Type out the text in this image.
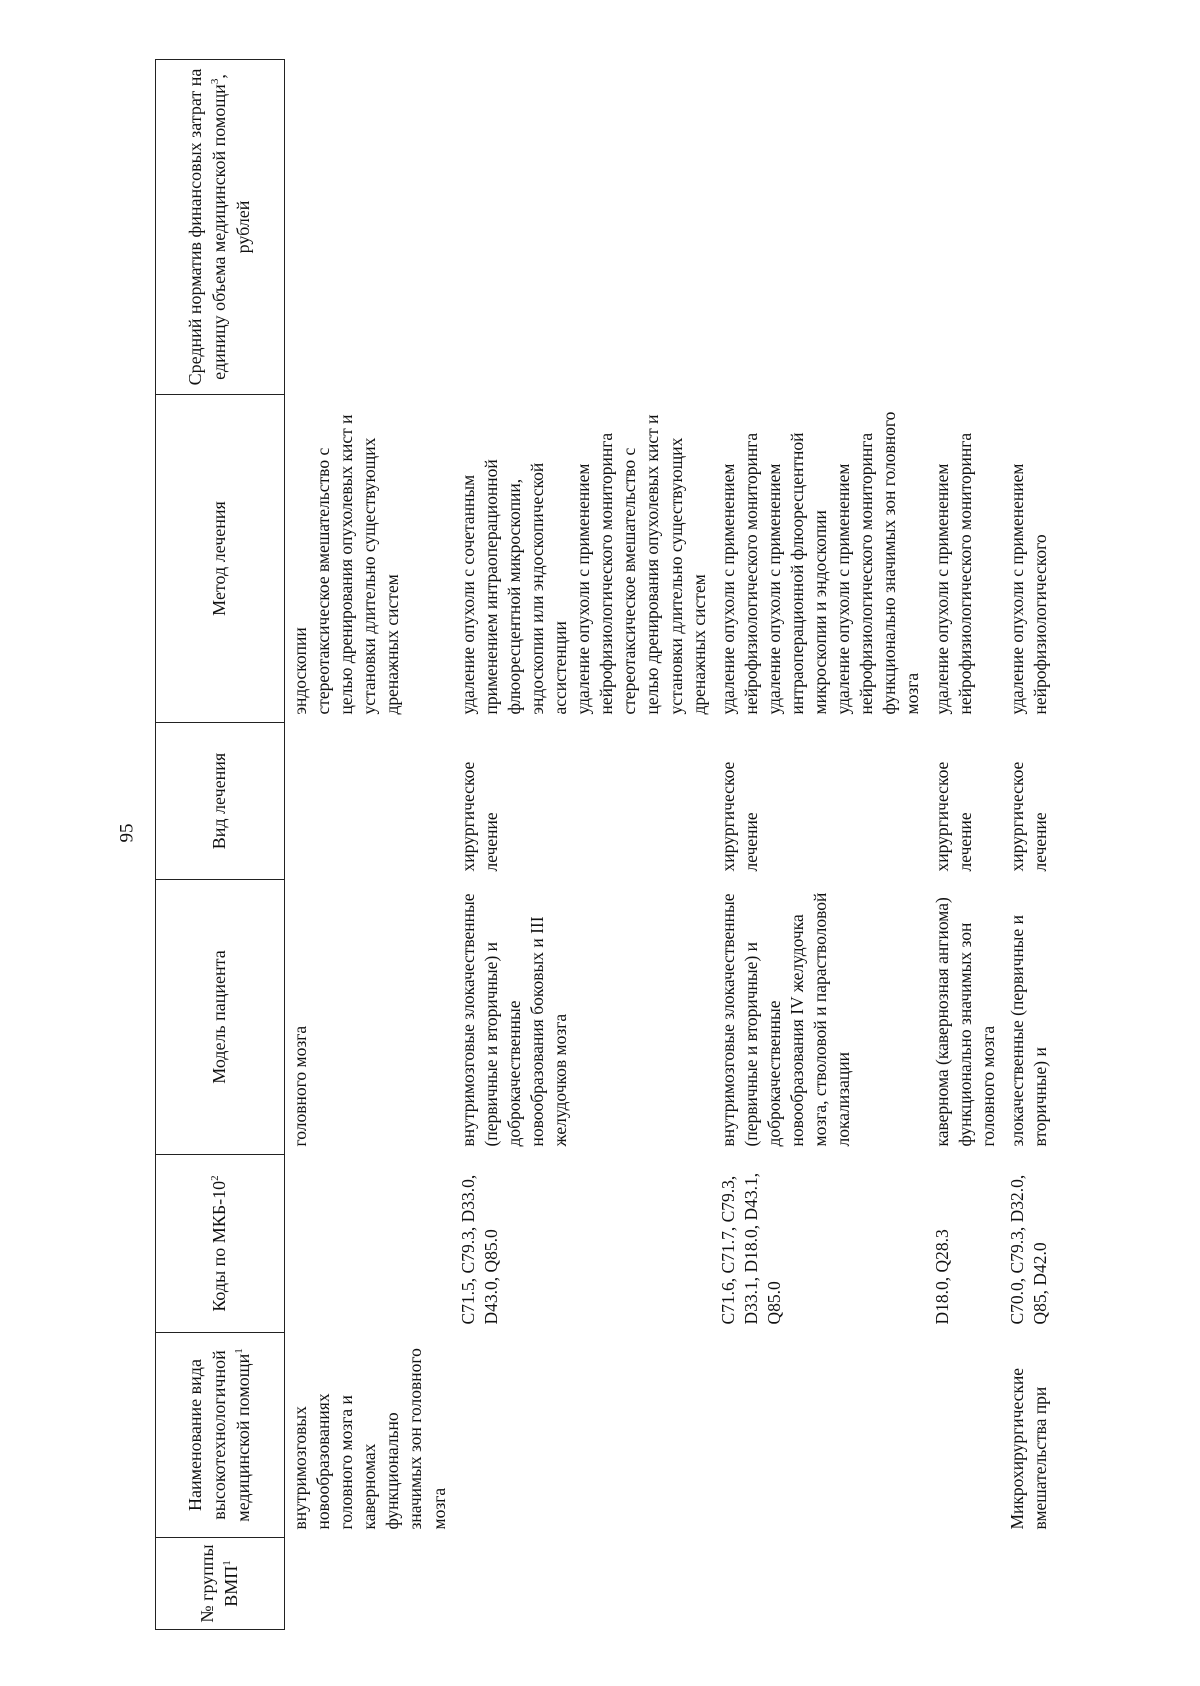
95
№ группы ВМП$^1$	Наименование вида высокотехнологичной медицинской помощи$^1$	Коды по МКБ-$10^2$	Модель пациента	Вид лечения	Метод лечения	Средний норматив финансовых затрат на единицу объема медицинской помощи$^3$, рублей
	внутримозговых новообразованиях головного мозга и каверномах функционально значимых зон головного мозга		головного мозга		эндоскопии стереотаксическое вмешательство с целью дренирования опухолевых кист и установки длительно существующих дренажных систем	

		C71.5, C79.3, D33.0, D43.0, Q85.0	внутримозговые злокачественные (первичные и вторичные) и доброкачественные новообразования боковых и III желудочков мозга	хирургическое лечение	удаление опухоли с сочетанным применением интраоперационной флюоресцентной микроскопии, эндоскопии или эндоскопической ассистенции удаление опухоли с применением нейрофизиологического мониторинга стереотаксическое вмешательство с целью дренирования опухолевых кист и установки длительно существующих дренажных систем	

		C71.6, C71.7, C79.3, D33.1, D18.0, D43.1, Q85.0	внутримозговые злокачественные (первичные и вторичные) и доброкачественные новообразования IV желудочка мозга, стволовой и парастволовой локализации	хирургическое лечение	удаление опухоли с применением нейрофизиологического мониторинга удаление опухоли с применением интраоперационной флюоресцентной микроскопии и эндоскопии удаление опухоли с применением нейрофизиологического мониторинга функционально значимых зон головного мозга	

		D18.0, Q28.3	кавернома (кавернозная ангиома) функционально значимых зон головного мозга	хирургическое лечение	удаление опухоли с применением нейрофизиологического мониторинга	

	Микрохирургические вмешательства при	C70.0, C79.3, D32.0, Q85, D42.0	злокачественные (первичные и вторичные) и	хирургическое лечение	удаление опухоли с применением нейрофизиологического	
